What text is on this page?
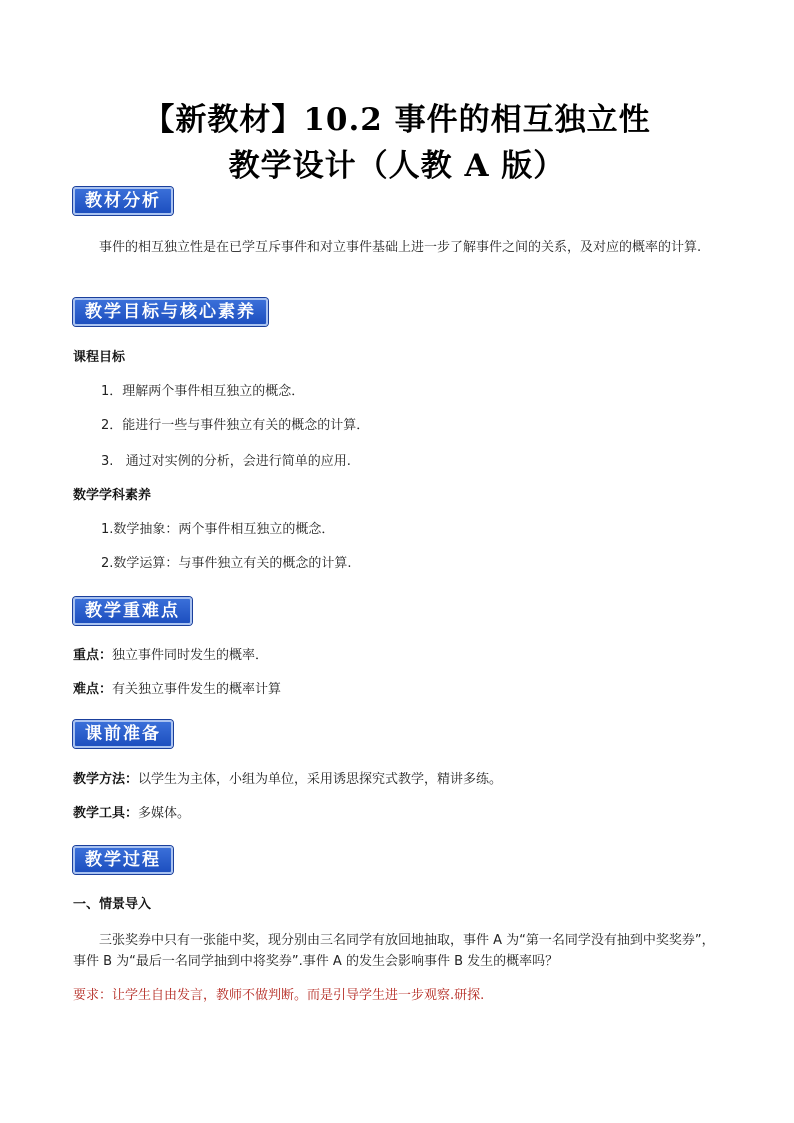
【新教材】10.2 事件的相互独立性
教学设计（人教 A 版）
教材分析
事件的相互独立性是在已学互斥事件和对立事件基础上进一步了解事件之间的关系，及对应的概率的计算.
教学目标与核心素养
课程目标
1．理解两个事件相互独立的概念．
2．能进行一些与事件独立有关的概念的计算．
3.   通过对实例的分析，会进行简单的应用.
数学学科素养
1.数学抽象：两个事件相互独立的概念．
2.数学运算：与事件独立有关的概念的计算.
教学重难点
重点：独立事件同时发生的概率．
难点：有关独立事件发生的概率计算
课前准备
教学方法：以学生为主体，小组为单位，采用诱思探究式教学，精讲多练。
教学工具：多媒体。
教学过程
一、情景导入
三张奖券中只有一张能中奖，现分别由三名同学有放回地抽取，事件 A 为“第一名同学没有抽到中奖奖券”，事件 B 为“最后一名同学抽到中将奖券”.事件 A 的发生会影响事件 B 发生的概率吗？
要求：让学生自由发言，教师不做判断。而是引导学生进一步观察.研探.
